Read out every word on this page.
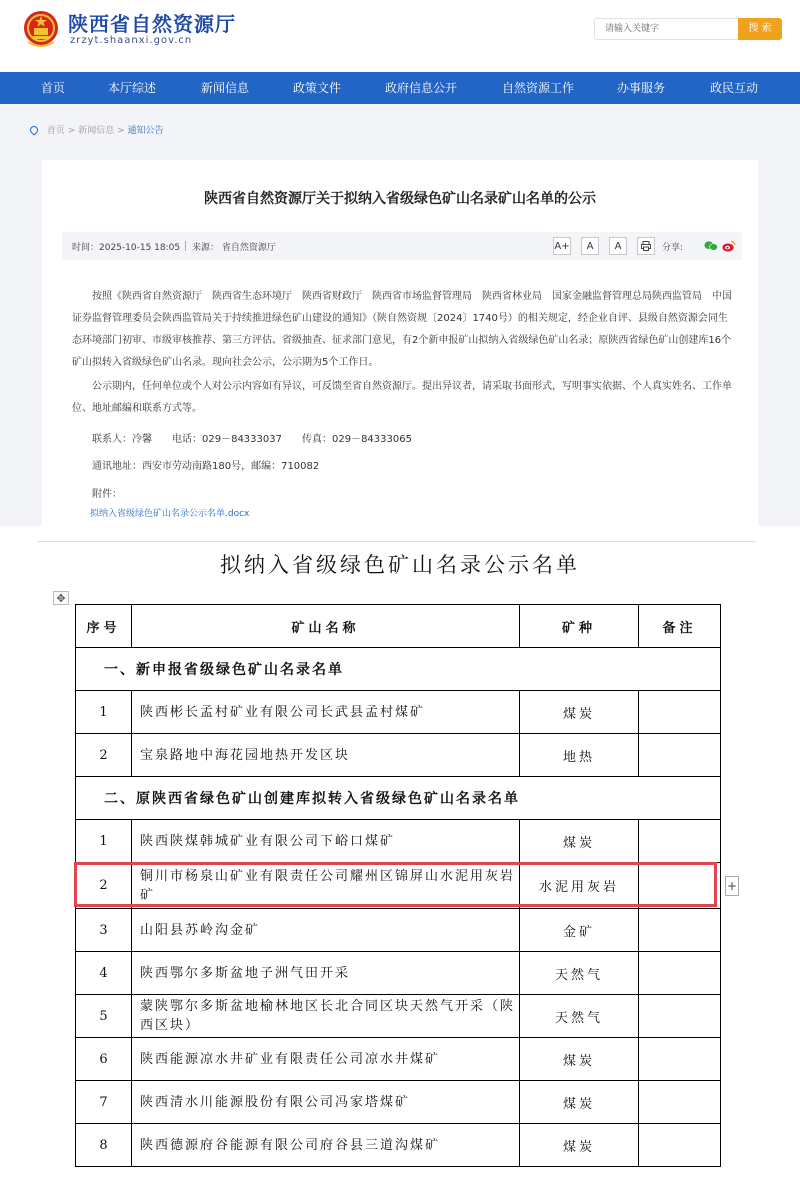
陕西省自然资源厅
zrzyt.shaanxi.gov.cn
请输入关键字
搜 索
首页	本厅综述	新闻信息	政策文件	政府信息公开	自然资源工作	办事服务	政民互动
首页 > 新闻信息 > 通知公告
陕西省自然资源厅关于拟纳入省级绿色矿山名录矿山名单的公示
时间：2025-10-15 18:05 来源： 省自然资源厅	A+	A	A	分享:
按照《陕西省自然资源厅　陕西省生态环境厅　陕西省财政厅　陕西省市场监督管理局　陕西省林业局　国家金融监督管理总局陕西监管局　中国证券监督管理委员会陕西监管局关于持续推进绿色矿山建设的通知》（陕自然资规〔2024〕1740号）的相关规定，经企业自评、县级自然资源会同生态环境部门初审、市级审核推荐、第三方评估、省级抽查、征求部门意见，有2个新申报矿山拟纳入省级绿色矿山名录；原陕西省绿色矿山创建库16个矿山拟转入省级绿色矿山名录。现向社会公示，公示期为5个工作日。
公示期内，任何单位或个人对公示内容如有异议，可反馈至省自然资源厅。提出异议者，请采取书面形式，写明事实依据、个人真实姓名、工作单位、地址邮编和联系方式等。
联系人：冷馨　　电话：029－84333037　　传真：029－84333065
通讯地址：西安市劳动南路180号，邮编：710082
附件：
拟纳入省级绿色矿山名录公示名单.docx
拟纳入省级绿色矿山名录公示名单
✥
序号	矿山名称	矿种	备注
一、新申报省级绿色矿山名录名单			
1	陕西彬长孟村矿业有限公司长武县孟村煤矿	煤炭	
2	宝泉路地中海花园地热开发区块	地热	
二、原陕西省绿色矿山创建库拟转入省级绿色矿山名录名单			
1	陕西陕煤韩城矿业有限公司下峪口煤矿	煤炭	
2	铜川市杨泉山矿业有限责任公司耀州区锦屏山水泥用灰岩矿	水泥用灰岩	
3	山阳县苏岭沟金矿	金矿	
4	陕西鄂尔多斯盆地子洲气田开采	天然气	
5	蒙陕鄂尔多斯盆地榆林地区长北合同区块天然气开采（陕西区块）	天然气	
6	陕西能源凉水井矿业有限责任公司凉水井煤矿	煤炭	
7	陕西清水川能源股份有限公司冯家塔煤矿	煤炭	
8	陕西德源府谷能源有限公司府谷县三道沟煤矿	煤炭	
+
